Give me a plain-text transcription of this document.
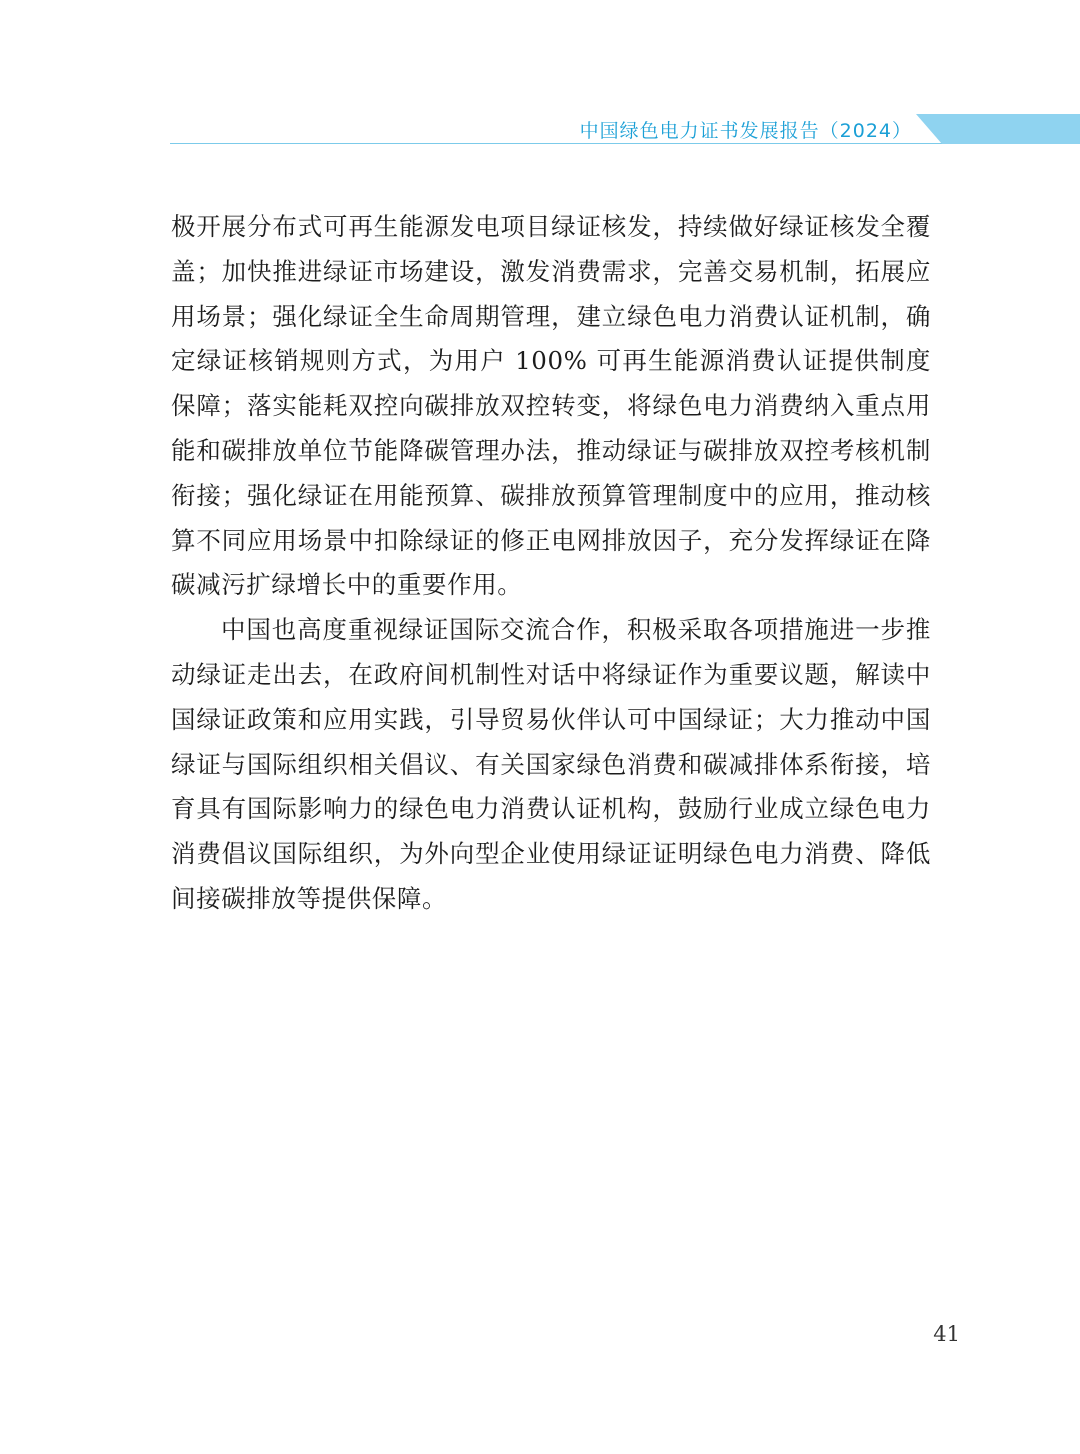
中国绿色电力证书发展报告（2024）

极开展分布式可再生能源发电项目绿证核发，持续做好绿证核发全覆盖；加快推进绿证市场建设，激发消费需求，完善交易机制，拓展应用场景；强化绿证全生命周期管理，建立绿色电力消费认证机制，确定绿证核销规则方式，为用户 100% 可再生能源消费认证提供制度保障；落实能耗双控向碳排放双控转变，将绿色电力消费纳入重点用能和碳排放单位节能降碳管理办法，推动绿证与碳排放双控考核机制衔接；强化绿证在用能预算、碳排放预算管理制度中的应用，推动核算不同应用场景中扣除绿证的修正电网排放因子，充分发挥绿证在降碳减污扩绿增长中的重要作用。

中国也高度重视绿证国际交流合作，积极采取各项措施进一步推动绿证走出去，在政府间机制性对话中将绿证作为重要议题，解读中国绿证政策和应用实践，引导贸易伙伴认可中国绿证；大力推动中国绿证与国际组织相关倡议、有关国家绿色消费和碳减排体系衔接，培育具有国际影响力的绿色电力消费认证机构，鼓励行业成立绿色电力消费倡议国际组织，为外向型企业使用绿证证明绿色电力消费、降低间接碳排放等提供保障。

41
